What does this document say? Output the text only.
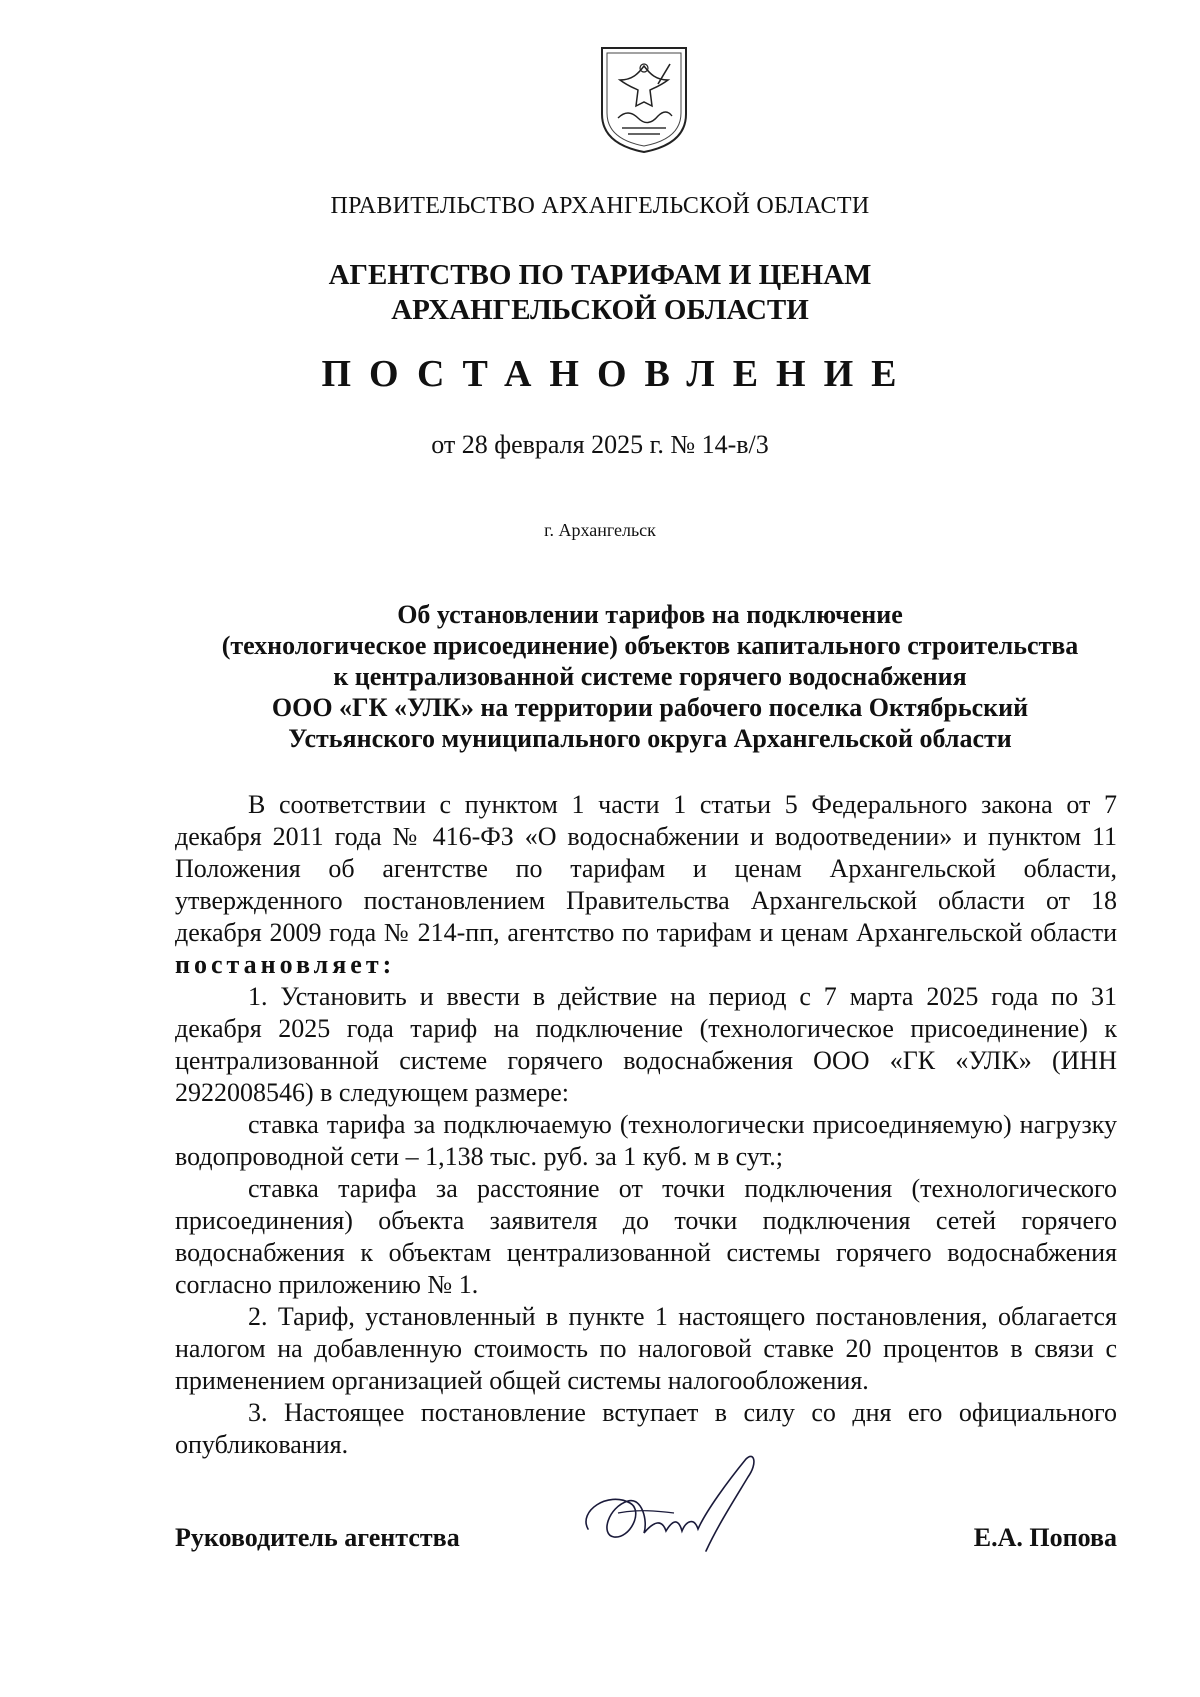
ПРАВИТЕЛЬСТВО АРХАНГЕЛЬСКОЙ ОБЛАСТИ
АГЕНТСТВО ПО ТАРИФАМ И ЦЕНАМ
АРХАНГЕЛЬСКОЙ ОБЛАСТИ
ПОСТАНОВЛЕНИЕ
от 28 февраля 2025 г. № 14-в/3
г. Архангельск
Об установлении тарифов на подключение
(технологическое присоединение) объектов капитального строительства
к централизованной системе горячего водоснабжения
ООО «ГК «УЛК» на территории рабочего поселка Октябрьский
Устьянского муниципального округа Архангельской области

В соответствии с пунктом 1 части 1 статьи 5 Федерального закона от 7 декабря 2011 года № 416-ФЗ «О водоснабжении и водоотведении» и пунктом 11 Положения об агентстве по тарифам и ценам Архангельской области, утвержденного постановлением Правительства Архангельской области от 18 декабря 2009 года № 214-пп, агентство по тарифам и ценам Архангельской области постановляет:

1. Установить и ввести в действие на период с 7 марта 2025 года по 31 декабря 2025 года тариф на подключение (технологическое присоединение) к централизованной системе горячего водоснабжения ООО «ГК «УЛК» (ИНН 2922008546) в следующем размере:

ставка тарифа за подключаемую (технологически присоединяемую) нагрузку водопроводной сети – 1,138 тыс. руб. за 1 куб. м в сут.;

ставка тарифа за расстояние от точки подключения (технологического присоединения) объекта заявителя до точки подключения сетей горячего водоснабжения к объектам централизованной системы горячего водоснабжения согласно приложению № 1.

2. Тариф, установленный в пункте 1 настоящего постановления, облагается налогом на добавленную стоимость по налоговой ставке 20 процентов в связи с применением организацией общей системы налогообложения.

3. Настоящее постановление вступает в силу со дня его официального опубликования.

Руководитель агентства	Е.А. Попова
